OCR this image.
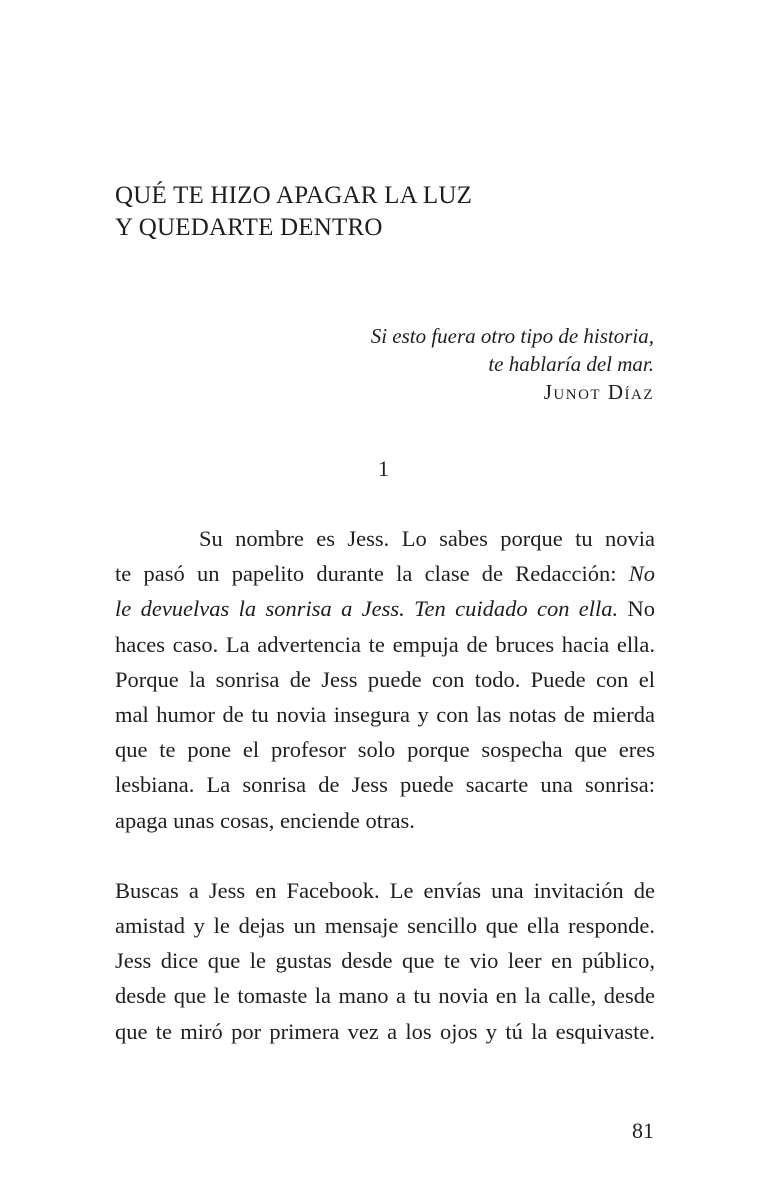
QUÉ TE HIZO APAGAR LA LUZ
Y QUEDARTE DENTRO
Si esto fuera otro tipo de historia,
te hablaría del mar.
Junot Díaz
1

Su nombre es Jess. Lo sabes porque tu novia
te pasó un papelito durante la clase de Redacción: No
le devuelvas la sonrisa a Jess. Ten cuidado con ella. No
haces caso. La advertencia te empuja de bruces hacia ella.
Porque la sonrisa de Jess puede con todo. Puede con el
mal humor de tu novia insegura y con las notas de mierda
que te pone el profesor solo porque sospecha que eres
lesbiana. La sonrisa de Jess puede sacarte una sonrisa:
apaga unas cosas, enciende otras.

Buscas a Jess en Facebook. Le envías una invitación de
amistad y le dejas un mensaje sencillo que ella responde.
Jess dice que le gustas desde que te vio leer en público,
desde que le tomaste la mano a tu novia en la calle, desde
que te miró por primera vez a los ojos y tú la esquivaste.

81
